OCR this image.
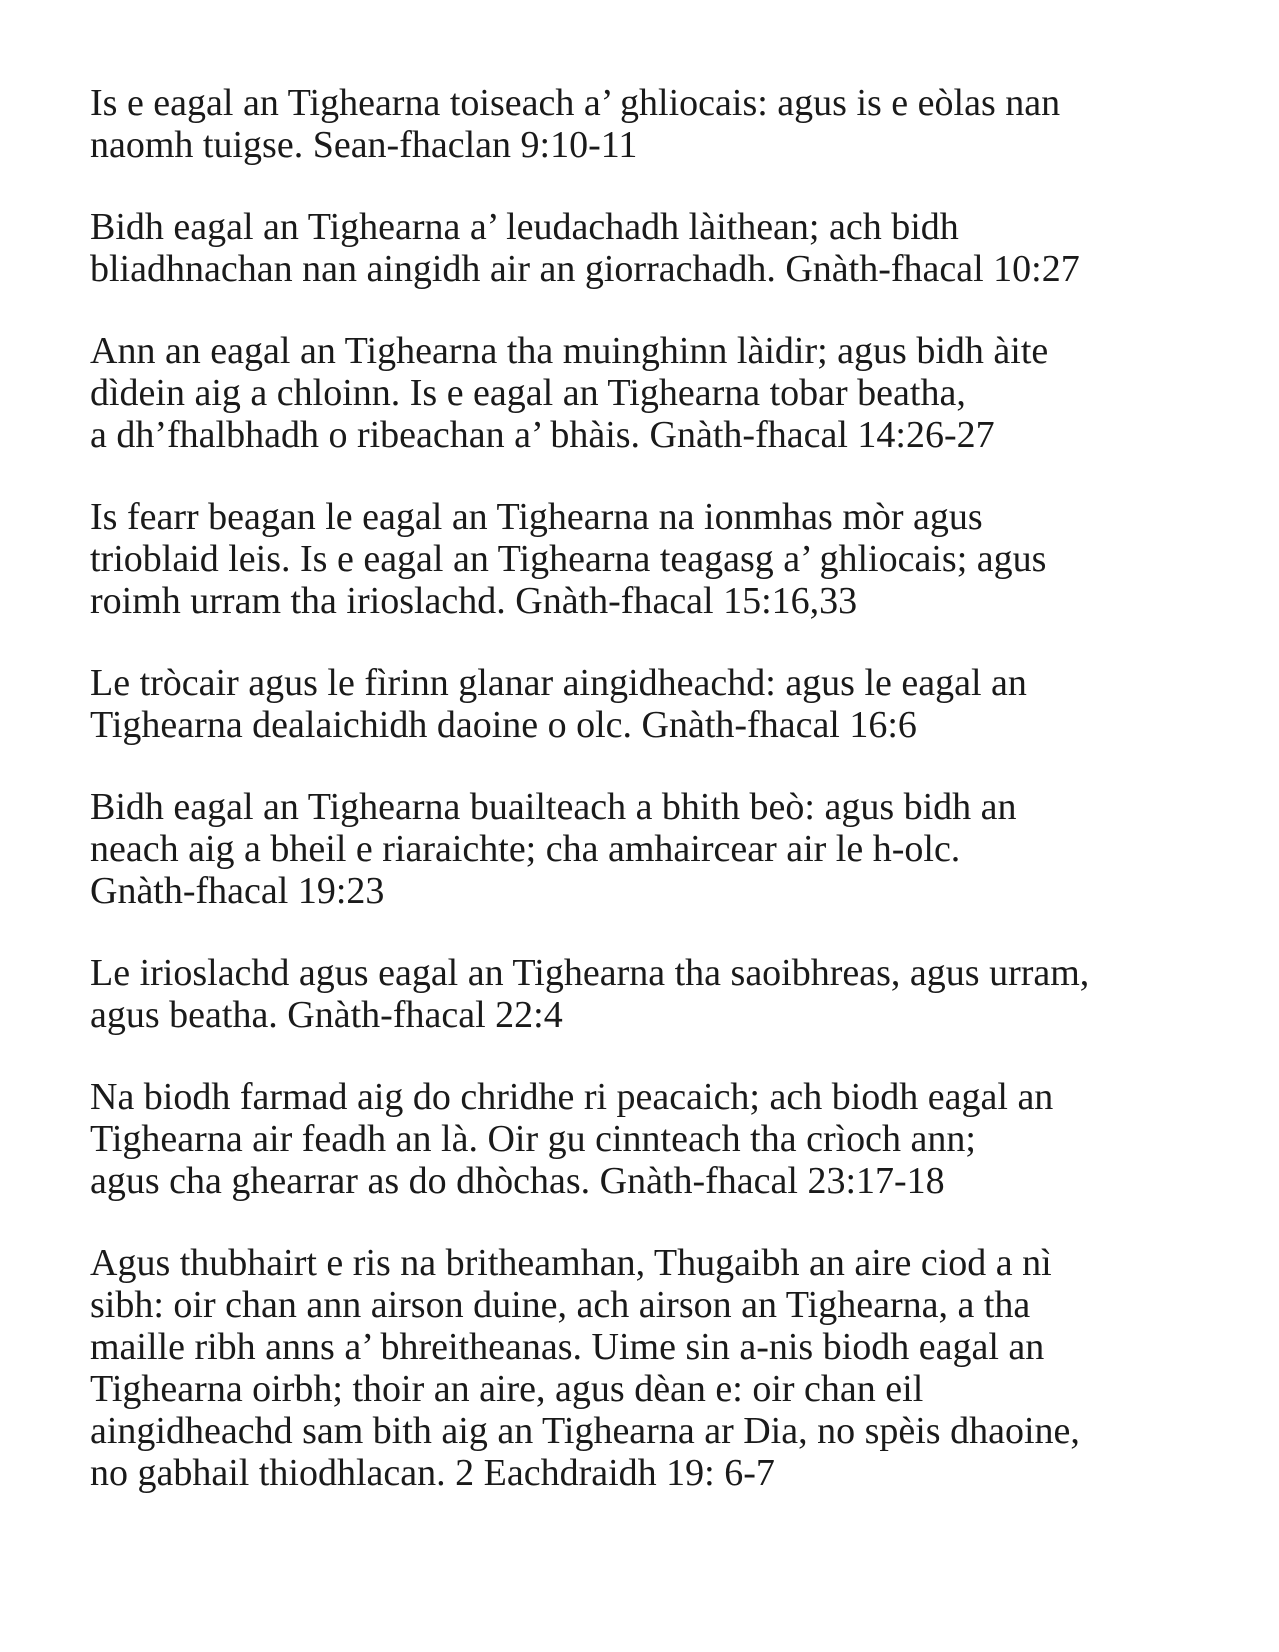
Is e eagal an Tighearna toiseach a’ ghliocais: agus is e eòlas nan
naomh tuigse. Sean-fhaclan 9:10-11

Bidh eagal an Tighearna a’ leudachadh làithean; ach bidh
bliadhnachan nan aingidh air an giorrachadh. Gnàth-fhacal 10:27

Ann an eagal an Tighearna tha muinghinn làidir; agus bidh àite
dìdein aig a chloinn. Is e eagal an Tighearna tobar beatha,
a dh’fhalbhadh o ribeachan a’ bhàis. Gnàth-fhacal 14:26-27

Is fearr beagan le eagal an Tighearna na ionmhas mòr agus
trioblaid leis. Is e eagal an Tighearna teagasg a’ ghliocais; agus
roimh urram tha irioslachd. Gnàth-fhacal 15:16,33

Le tròcair agus le fìrinn glanar aingidheachd: agus le eagal an
Tighearna dealaichidh daoine o olc. Gnàth-fhacal 16:6

Bidh eagal an Tighearna buailteach a bhith beò: agus bidh an
neach aig a bheil e riaraichte; cha amhaircear air le h-olc.
Gnàth-fhacal 19:23

Le irioslachd agus eagal an Tighearna tha saoibhreas, agus urram,
agus beatha. Gnàth-fhacal 22:4

Na biodh farmad aig do chridhe ri peacaich; ach biodh eagal an
Tighearna air feadh an là. Oir gu cinnteach tha crìoch ann;
agus cha ghearrar as do dhòchas. Gnàth-fhacal 23:17-18

Agus thubhairt e ris na britheamhan, Thugaibh an aire ciod a nì
sibh: oir chan ann airson duine, ach airson an Tighearna, a tha
maille ribh anns a’ bhreitheanas. Uime sin a-nis biodh eagal an
Tighearna oirbh; thoir an aire, agus dèan e: oir chan eil
aingidheachd sam bith aig an Tighearna ar Dia, no spèis dhaoine,
no gabhail thiodhlacan. 2 Eachdraidh 19: 6-7
